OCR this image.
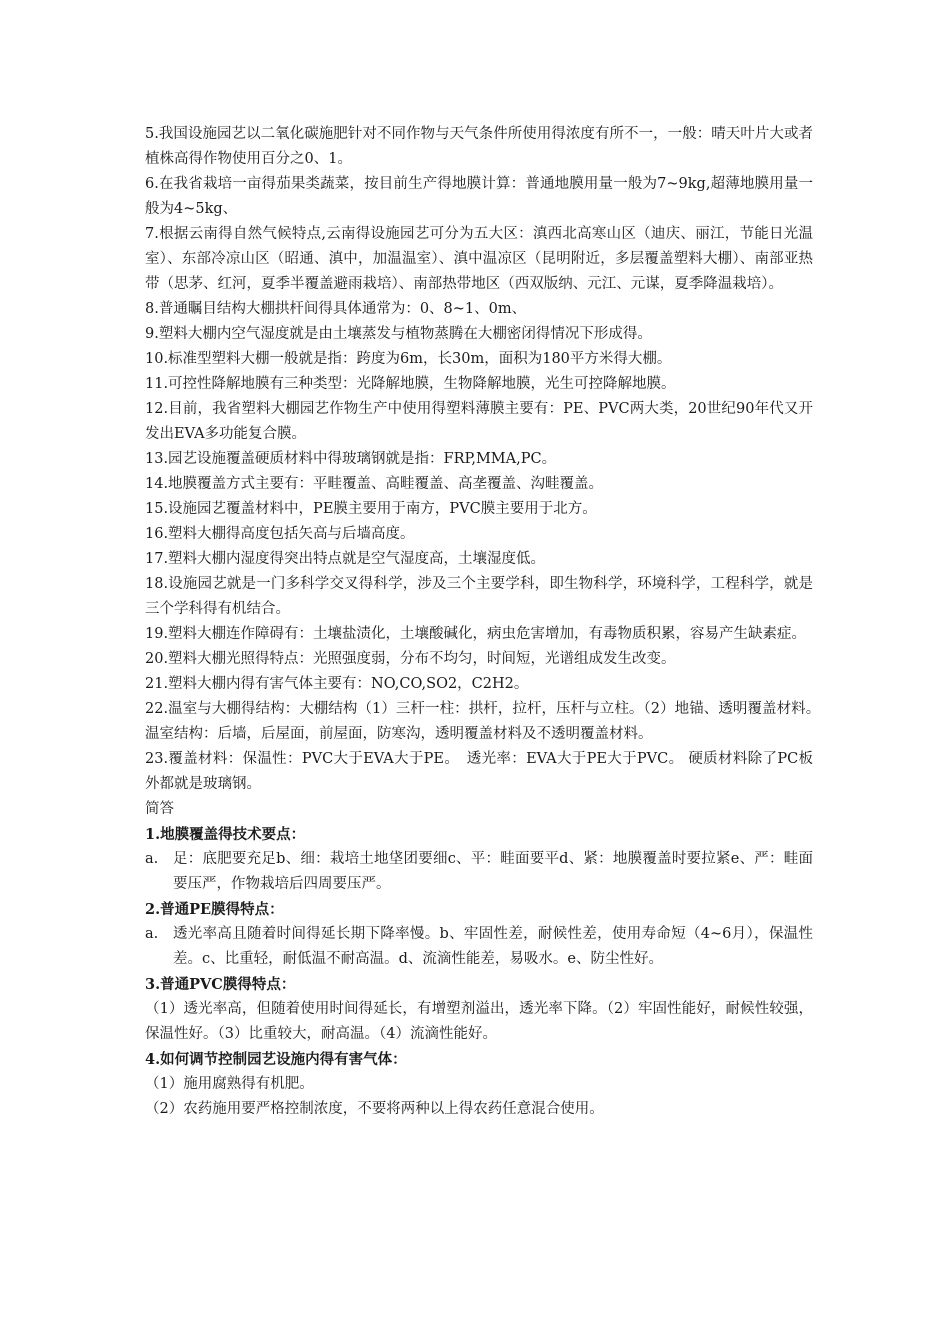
5.我国设施园艺以二氧化碳施肥针对不同作物与天气条件所使用得浓度有所不一，一般：晴天叶片大或者植株高得作物使用百分之0、1。

6.在我省栽培一亩得茄果类蔬菜，按目前生产得地膜计算：普通地膜用量一般为7~9kg,超薄地膜用量一般为4~5kg、

7.根据云南得自然气候特点,云南得设施园艺可分为五大区：滇西北高寒山区（迪庆、丽江，节能日光温室）、东部冷凉山区（昭通、滇中，加温温室）、滇中温凉区（昆明附近，多层覆盖塑料大棚）、南部亚热带（思茅、红河，夏季半覆盖避雨栽培）、南部热带地区（西双版纳、元江、元谋，夏季降温栽培）。

8.普通瞩目结构大棚拱杆间得具体通常为：0、8~1、0m、

9.塑料大棚内空气湿度就是由土壤蒸发与植物蒸腾在大棚密闭得情况下形成得。

10.标准型塑料大棚一般就是指：跨度为6m，长30m，面积为180平方米得大棚。

11.可控性降解地膜有三种类型：光降解地膜，生物降解地膜，光生可控降解地膜。

12.目前，我省塑料大棚园艺作物生产中使用得塑料薄膜主要有：PE、PVC两大类，20世纪90年代又开发出EVA多功能复合膜。

13.园艺设施覆盖硬质材料中得玻璃钢就是指：FRP,MMA,PC。

14.地膜覆盖方式主要有：平畦覆盖、高畦覆盖、高垄覆盖、沟畦覆盖。

15.设施园艺覆盖材料中，PE膜主要用于南方，PVC膜主要用于北方。

16.塑料大棚得高度包括矢高与后墙高度。

17.塑料大棚内湿度得突出特点就是空气湿度高，土壤湿度低。

18.设施园艺就是一门多科学交叉得科学，涉及三个主要学科，即生物科学，环境科学，工程科学，就是三个学科得有机结合。

19.塑料大棚连作障碍有：土壤盐渍化，土壤酸碱化，病虫危害增加，有毒物质积累，容易产生缺素症。

20.塑料大棚光照得特点：光照强度弱，分布不均匀，时间短，光谱组成发生改变。

21.塑料大棚内得有害气体主要有：NO,CO,SO2，C2H2。

22.温室与大棚得结构：大棚结构（1）三杆一柱：拱杆，拉杆，压杆与立柱。（2）地锚、透明覆盖材料。　温室结构：后墙，后屋面，前屋面，防寒沟，透明覆盖材料及不透明覆盖材料。

23.覆盖材料：保温性：PVC大于EVA大于PE。　透光率：EVA大于PE大于PVC。 硬质材料除了PC板外都就是玻璃钢。

简答

1.地膜覆盖得技术要点：

a. 足：底肥要充足b、细：栽培土地垡团要细c、平：畦面要平d、紧：地膜覆盖时要拉紧e、严：畦面要压严，作物栽培后四周要压严。

2.普通PE膜得特点：

a. 透光率高且随着时间得延长期下降率慢。b、牢固性差，耐候性差，使用寿命短（4~6月），保温性差。c、比重轻，耐低温不耐高温。d、流滴性能差，易吸水。e、防尘性好。

3.普通PVC膜得特点：

（1）透光率高，但随着使用时间得延长，有增塑剂溢出，透光率下降。（2）牢固性能好，耐候性较强，保温性好。（3）比重较大，耐高温。（4）流滴性能好。

4.如何调节控制园艺设施内得有害气体：

（1）施用腐熟得有机肥。

（2）农药施用要严格控制浓度，不要将两种以上得农药任意混合使用。
